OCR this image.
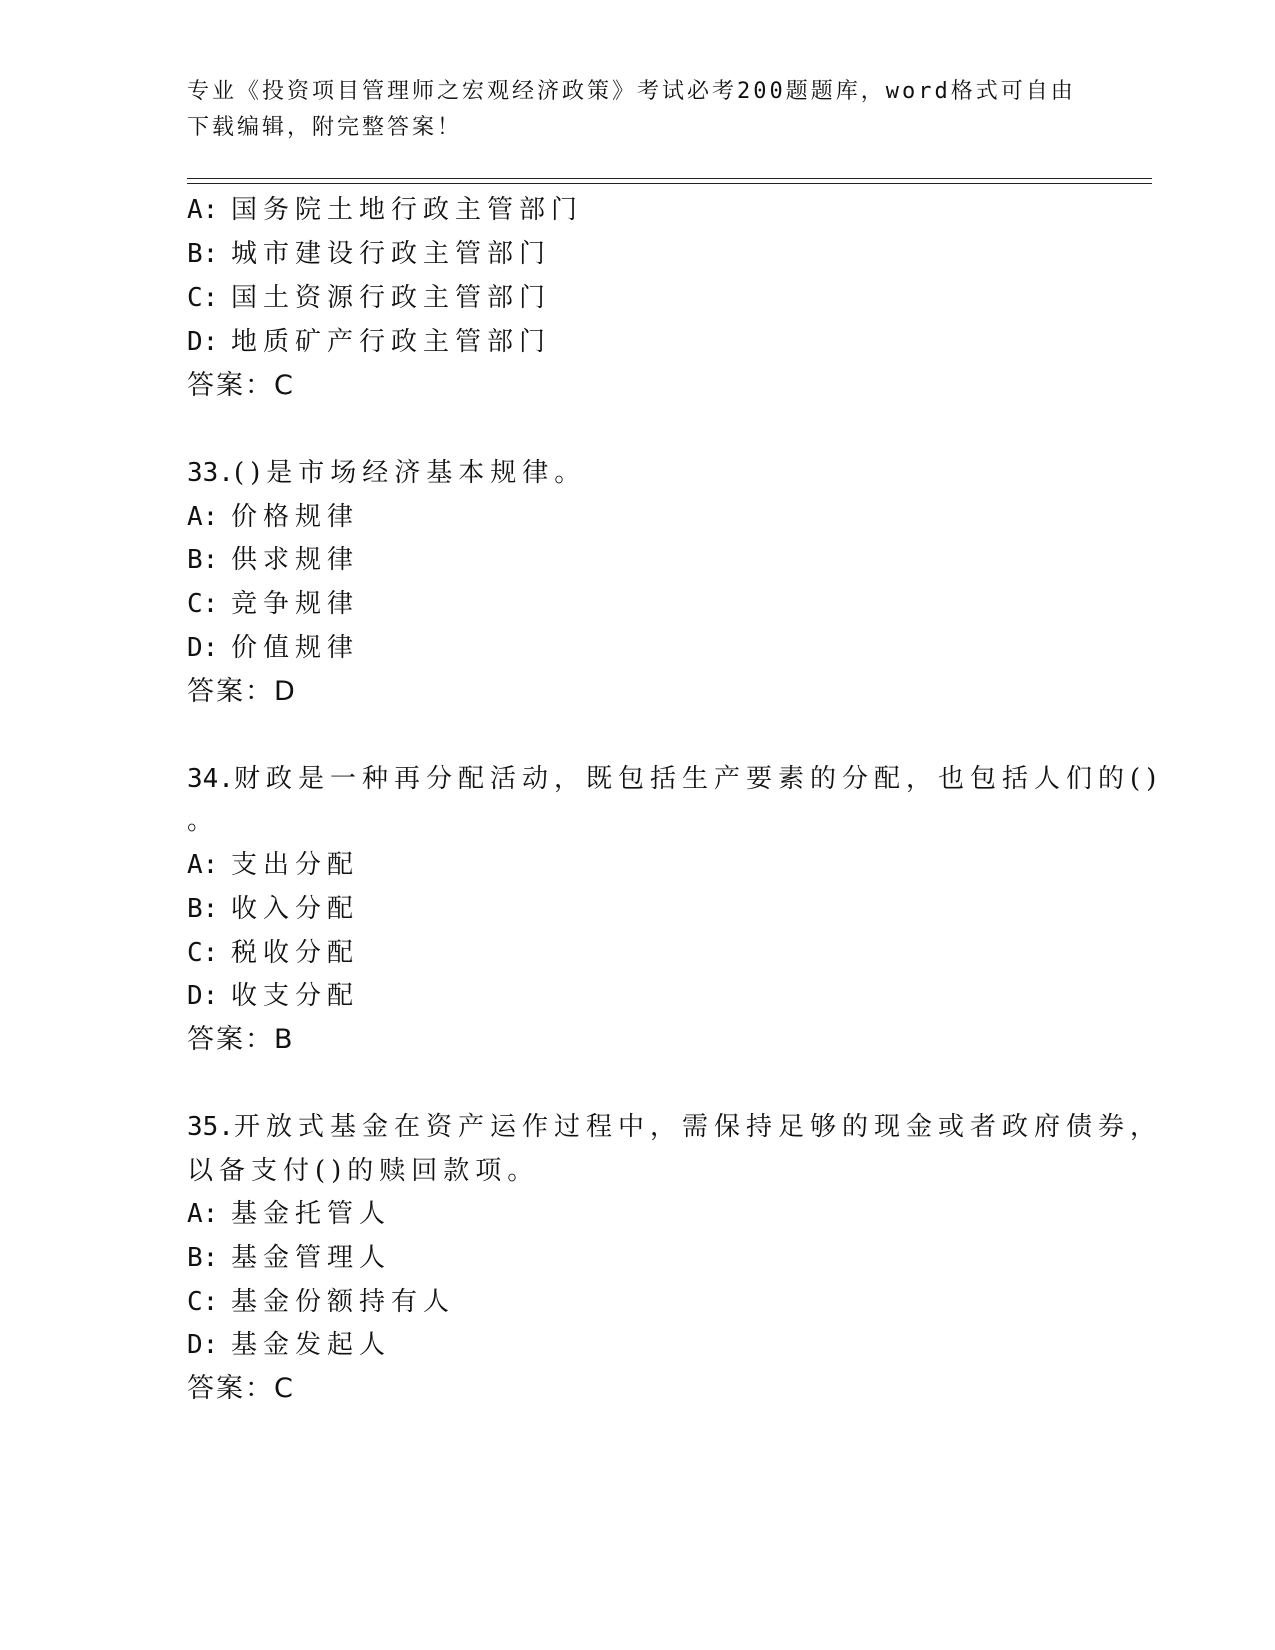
专业《投资项目管理师之宏观经济政策》考试必考200题题库，word格式可自由
下载编辑，附完整答案！
A: 国务院土地行政主管部门
B: 城市建设行政主管部门
C: 国土资源行政主管部门
D: 地质矿产行政主管部门
答案：C
33.()是市场经济基本规律。
A: 价格规律
B: 供求规律
C: 竞争规律
D: 价值规律
答案：D
34.财政是一种再分配活动，既包括生产要素的分配，也包括人们的()
。
A: 支出分配
B: 收入分配
C: 税收分配
D: 收支分配
答案：B
35.开放式基金在资产运作过程中，需保持足够的现金或者政府债券，
以备支付()的赎回款项。
A: 基金托管人
B: 基金管理人
C: 基金份额持有人
D: 基金发起人
答案：C
